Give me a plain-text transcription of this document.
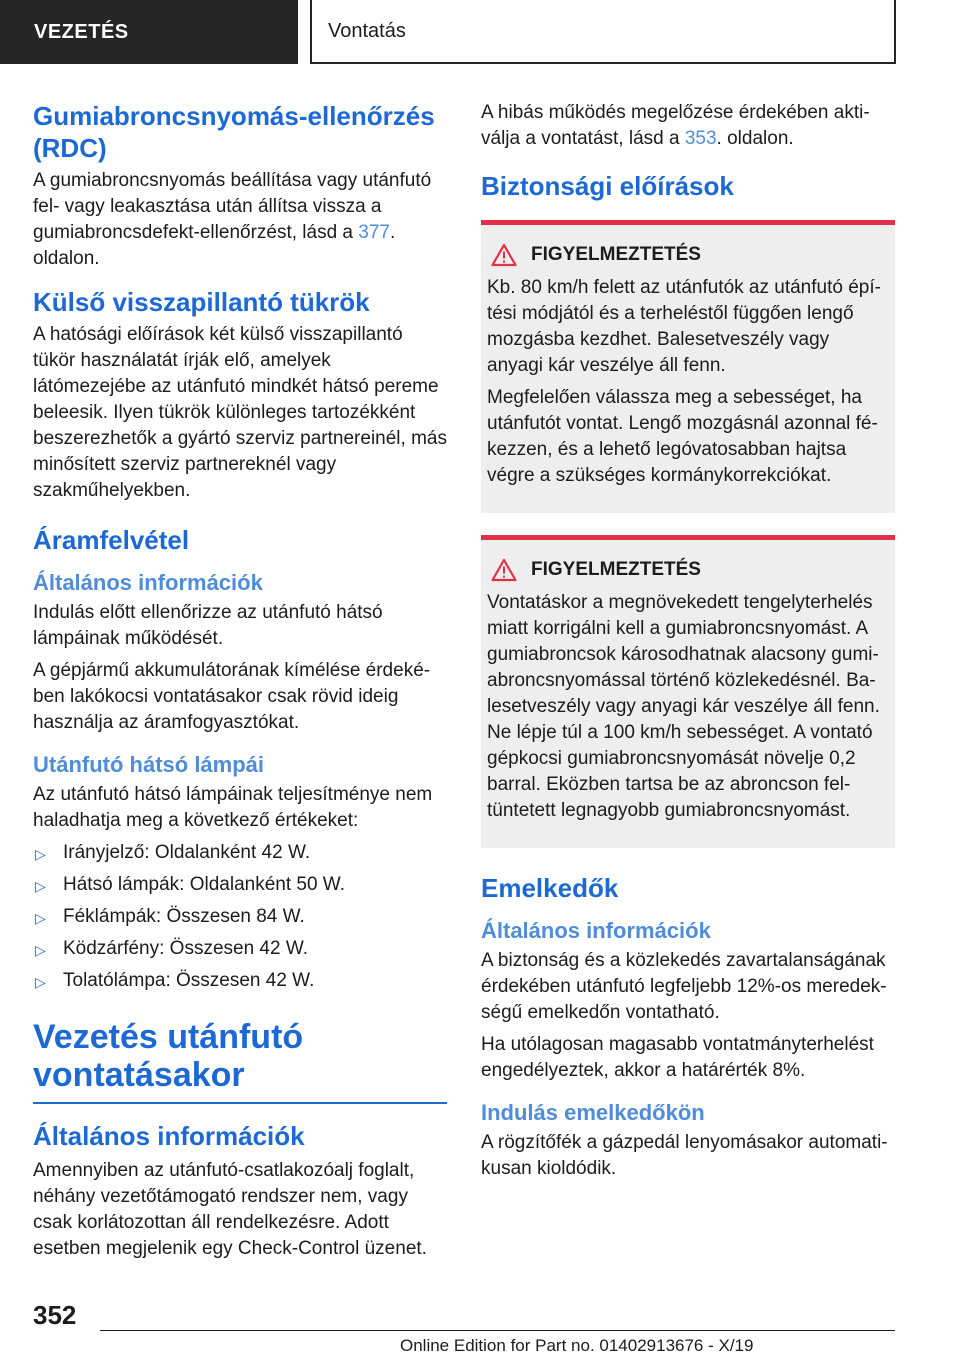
VEZETÉS	Vontatás
Gumiabroncsnyomás-ellenőrzés (RDC)

A gumiabroncsnyomás beállítása vagy utánfutó fel- vagy leakasztása után állítsa vissza a gumiabroncsdefekt-ellenőrzést, lásd a 377. oldalon.

Külső visszapillantó tükrök

A hatósági előírások két külső visszapillantó tükör használatát írják elő, amelyek látómezejébe az utánfutó mindkét hátsó pereme beleesik. Ilyen tükrök különleges tartozékként beszerezhetők a gyártó szerviz partnereinél, más minősített szerviz partnereknél vagy szakműhelyekben.

Áramfelvétel
Általános információk

Indulás előtt ellenőrizze az utánfutó hátsó lámpáinak működését.

A gépjármű akkumulátorának kímélése érdekében lakókocsi vontatásakor csak rövid ideig használja az áramfogyasztókat.

Utánfutó hátsó lámpái

Az utánfutó hátsó lámpáinak teljesítménye nem haladhatja meg a következő értékeket:

▷ Irányjelző: Oldalanként 42 W.
▷ Hátsó lámpák: Oldalanként 50 W.
▷ Féklámpák: Összesen 84 W.
▷ Ködzárfény: Összesen 42 W.
▷ Tolatólámpa: Összesen 42 W.
Vezetés utánfutó vontatásakor
Általános információk

Amennyiben az utánfutó-csatlakozóalj foglalt, néhány vezetőtámogató rendszer nem, vagy csak korlátozottan áll rendelkezésre. Adott esetben megjelenik egy Check-Control üzenet.

A hibás működés megelőzése érdekében aktiválja a vontatást, lásd a 353. oldalon.

Biztonsági előírások
FIGYELMEZTETÉS

Kb. 80 km/h felett az utánfutók az utánfutó építési módjától és a terheléstől függően lengő mozgásba kezdhet. Balesetveszély vagy anyagi kár veszélye áll fenn.

Megfelelően válassza meg a sebességet, ha utánfutót vontat. Lengő mozgásnál azonnal fékezzen, és a lehető legóvatosabban hajtsa végre a szükséges kormánykorrekciókat.

FIGYELMEZTETÉS

Vontatáskor a megnövekedett tengelyterhelés miatt korrigálni kell a gumiabroncsnyomást. A gumiabroncsok károsodhatnak alacsony gumiabroncsnyomással történő közlekedésnél. Balesetveszély vagy anyagi kár veszélye áll fenn. Ne lépje túl a 100 km/h sebességet. A vontató gépkocsi gumiabroncsnyomását növelje 0,2 barral. Eközben tartsa be az abroncson feltüntetett legnagyobb gumiabroncsnyomást.

Emelkedők
Általános információk

A biztonság és a közlekedés zavartalanságának érdekében utánfutó legfeljebb 12%-os meredekségű emelkedőn vontatható.

Ha utólagosan magasabb vontatmányterhelést engedélyeztek, akkor a határérték 8%.

Indulás emelkedőkön

A rögzítőfék a gázpedál lenyomásakor automatikusan kioldódik.

352
Online Edition for Part no. 01402913676 - X/19
